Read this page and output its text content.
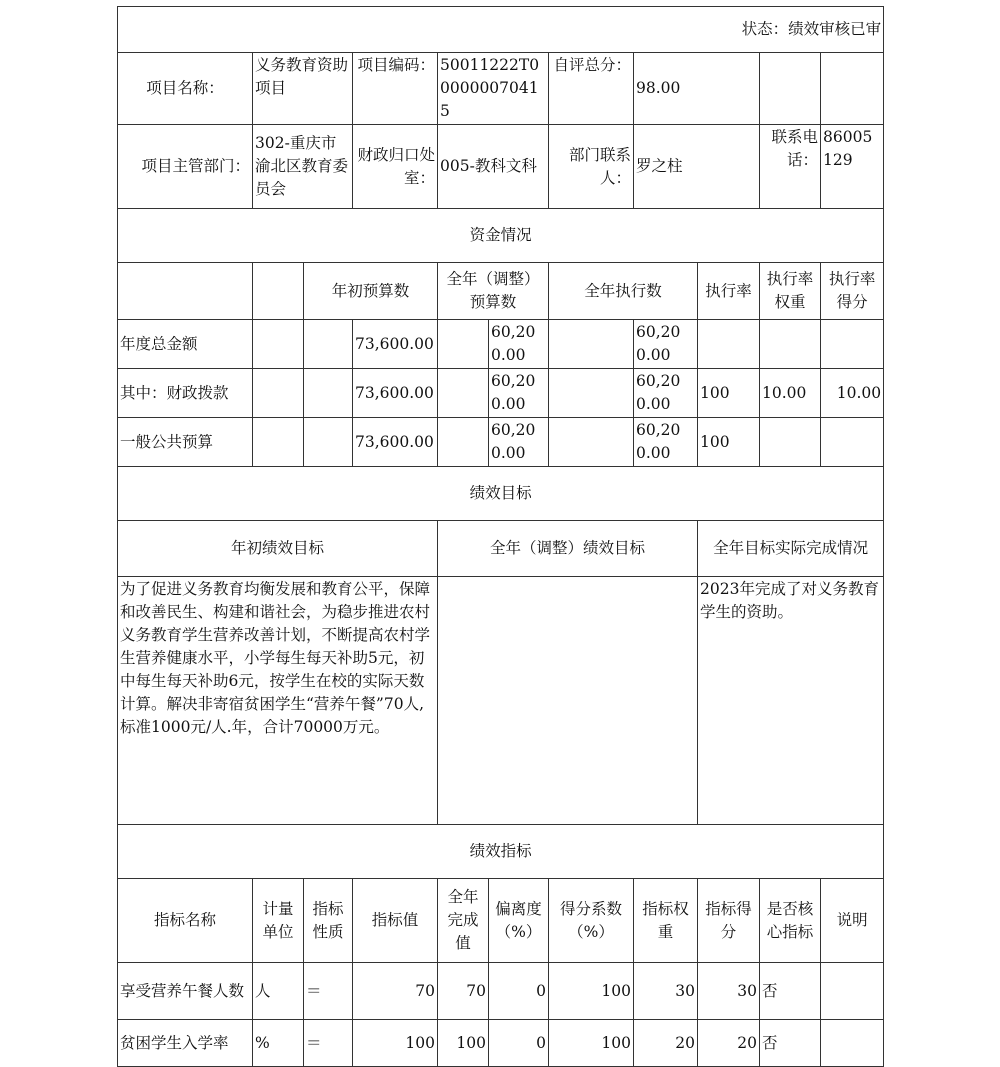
状态：绩效审核已审										
项目名称：	义务教育资助项目		项目编码：	50011222T000000070415		自评总分：	98.00			
项目主管部门：	302-重庆市渝北区教育委员会		财政归口处室：	005-教科文科		部门联系人：	罗之柱		联系电话：	86005129
资金情况										
		年初预算数		全年（调整）预算数		全年执行数		执行率	执行率权重	执行率得分
年度总金额			73,600.00		60,200.00		60,200.00			
其中：财政拨款			73,600.00		60,200.00		60,200.00	100	10.00	10.00
一般公共预算			73,600.00		60,200.00		60,200.00	100		
绩效目标										
年初绩效目标				全年（调整）绩效目标				全年目标实际完成情况		
为了促进义务教育均衡发展和教育公平，保障和改善民生、构建和谐社会，为稳步推进农村义务教育学生营养改善计划，不断提高农村学生营养健康水平，小学每生每天补助5元，初中每生每天补助6元，按学生在校的实际天数计算。解决非寄宿贫困学生“营养午餐”70人,标准1000元/人.年，合计70000万元。								2023年完成了对义务教育学生的资助。		
绩效指标										
指标名称	计量单位	指标性质	指标值	全年完成值	偏离度（%）	得分系数（%）	指标权重	指标得分	是否核心指标	说明
享受营养午餐人数	人	＝	70	70	0	100	30	30	否	
贫困学生入学率	%	＝	100	100	0	100	20	20	否	
